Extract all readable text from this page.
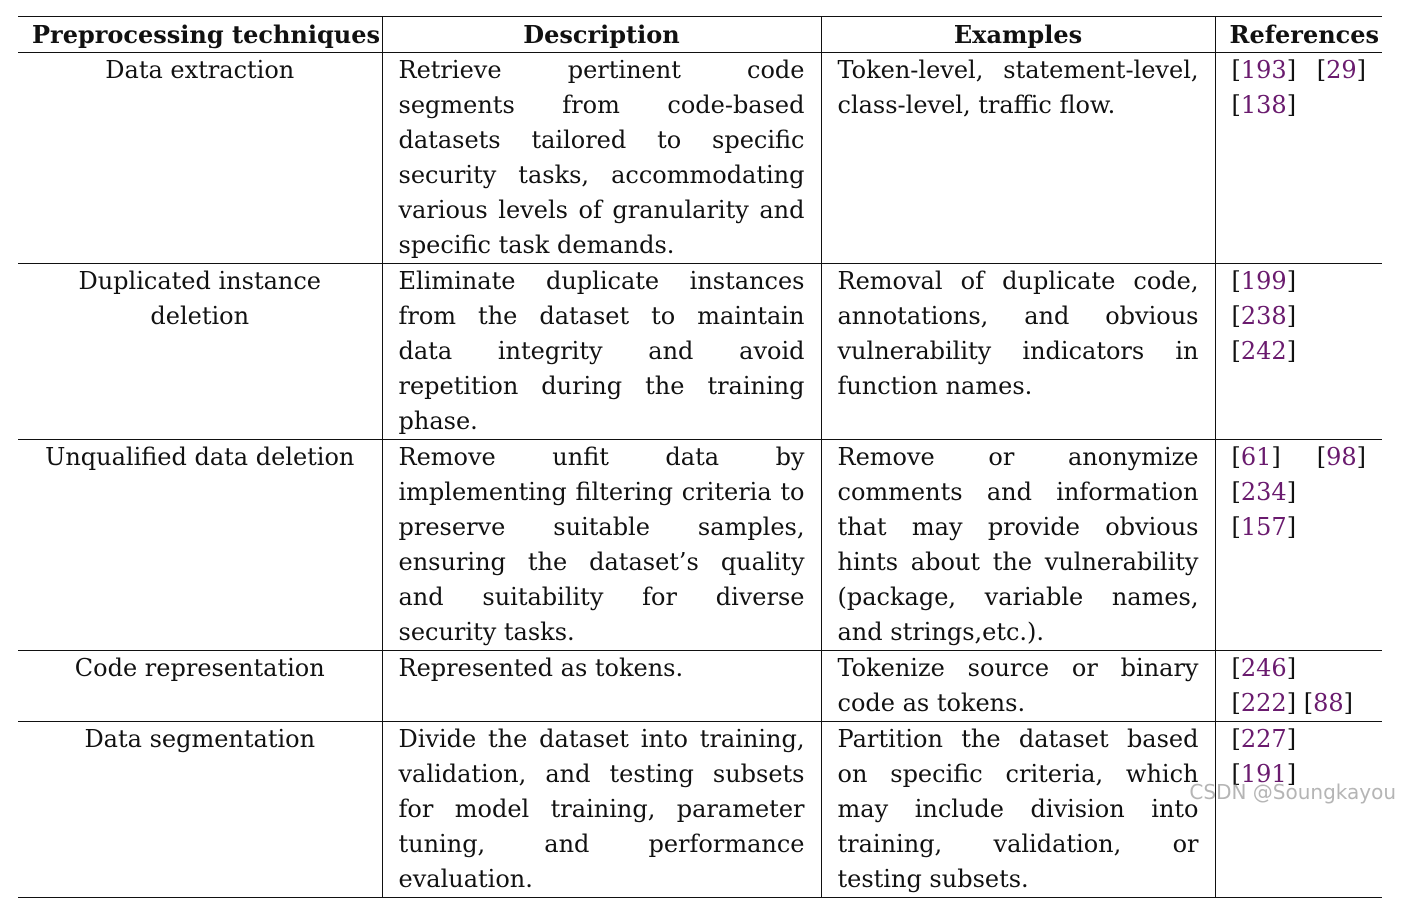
Preprocessing techniques	Description	Examples	References
Data extraction	Retrieve pertinent code segments from code-based datasets tailored to specific security tasks, accommodating various levels of granularity and specific task demands.	Token-level, statement-level, class-level, traffic flow.	[193] [29] [138]
Duplicated instance deletion	Eliminate duplicate instances from the dataset to maintain data integrity and avoid repetition during the training phase.	Removal of duplicate code, annotations, and obvious vulnerability indicators in function names.	[199] [238] [242]
Unqualified data deletion	Remove unfit data by implementing filtering criteria to preserve suitable samples, ensuring the dataset’s quality and suitability for diverse security tasks.	Remove or anonymize comments and information that may provide obvious hints about the vulnerability (package, variable names, and strings,etc.).	[61] [98] [234] [157]
Code representation	Represented as tokens.	Tokenize source or binary code as tokens.	[246] [222] [88]
Data segmentation	Divide the dataset into training, validation, and testing subsets for model training, parameter tuning, and performance evaluation.	Partition the dataset based on specific criteria, which may include division into training, validation, or testing subsets.	[227] [191]
CSDN @Soungkayou
